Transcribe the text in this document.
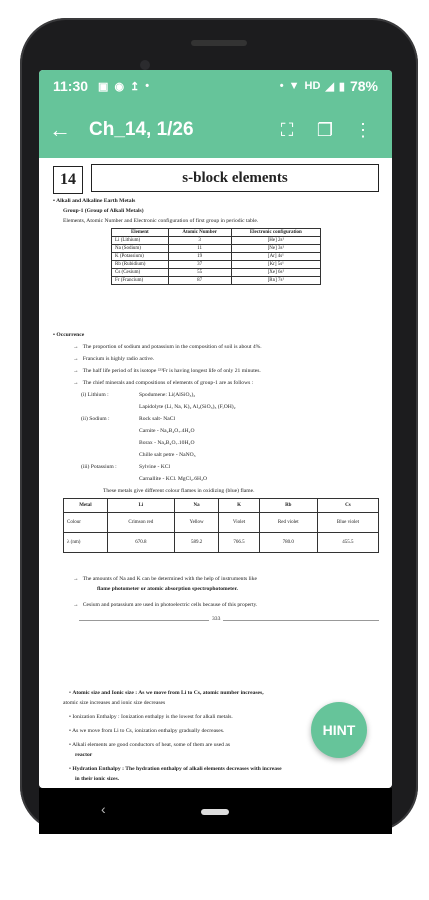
11:30 ▣ ◉ ↥ •	• ▼ HD ◢ ▮ 78%
← Ch_14, 1/26	⛶	❐	⋮
14	s-block elements
• Alkali and Alkaline Earth Metals
Group-1 (Group of Alkali Metals)
Elements, Atomic Number and Electronic configuration of first group in periodic table.
Element	Atomic Number	Electronic configuration
Li (Lithium)	3	[He] 2s¹
Na (Sodium)	11	[Ne] 3s¹
K (Potassium)	19	[Ar] 4s¹
Rb (Rubidium)	37	[Kr] 5s¹
Cs (Cesium)	55	[Xe] 6s¹
Fr (Francium)	87	[Rn] 7s¹
• Occurrence
→   The proportion of sodium and potassium in the composition of soil is about 4%.
→   Francium is highly radio active.
→   The half life period of its isotope ²²³Fr is having longest life of only 21 minutes.
→   The chief minerals and compositions of elements of group-1 are as follows :
(i) Lithium :	Spodumene: Li(AlSiO₃)₂
Lapidolyte (Li, Na, K)₂ Al₂(SiO₃)₃ (F,OH)₂
(ii) Sodium :	Rock salt- NaCl
Carnite - Na₂B₄O₇.4H₂O
Borax - Na₂B₄O₇.10H₂O
Chille salt petre - NaNO₃
(iii) Potassium :	Sylvine - KCl
Carnallite - KCl. MgCl₂.6H₂O
These metals give different colour flames in oxidizing (blue) flame.
Metal	Li	Na	K	Rb	Cs
Colour	Crimson red	Yellow	Violet	Red violet	Blue violet
λ (nm)	670.8	589.2	766.5	780.0	455.5
→   The amounts of Na and K can be determined with the help of instruments like
flame photometer or atomic absorption spectrophotometer.
→   Cesium and potassium are used in photoelectric cells because of this property.
333
• Atomic size and Ionic size : As we move from Li to Cs, atomic number increases,
atomic size increases and ionic size decreases
• Ionization Enthalpy : Ionization enthalpy is the lowest for alkali metals.
• As we move from Li to Cs, ionization enthalpy gradually decreases.
• Alkali elements are good conductors of heat, some of them are used as
reactor
• Hydration Enthalpy : The hydration enthalpy of alkali elements decreases with increase
in their ionic sizes.
HINT
‹
